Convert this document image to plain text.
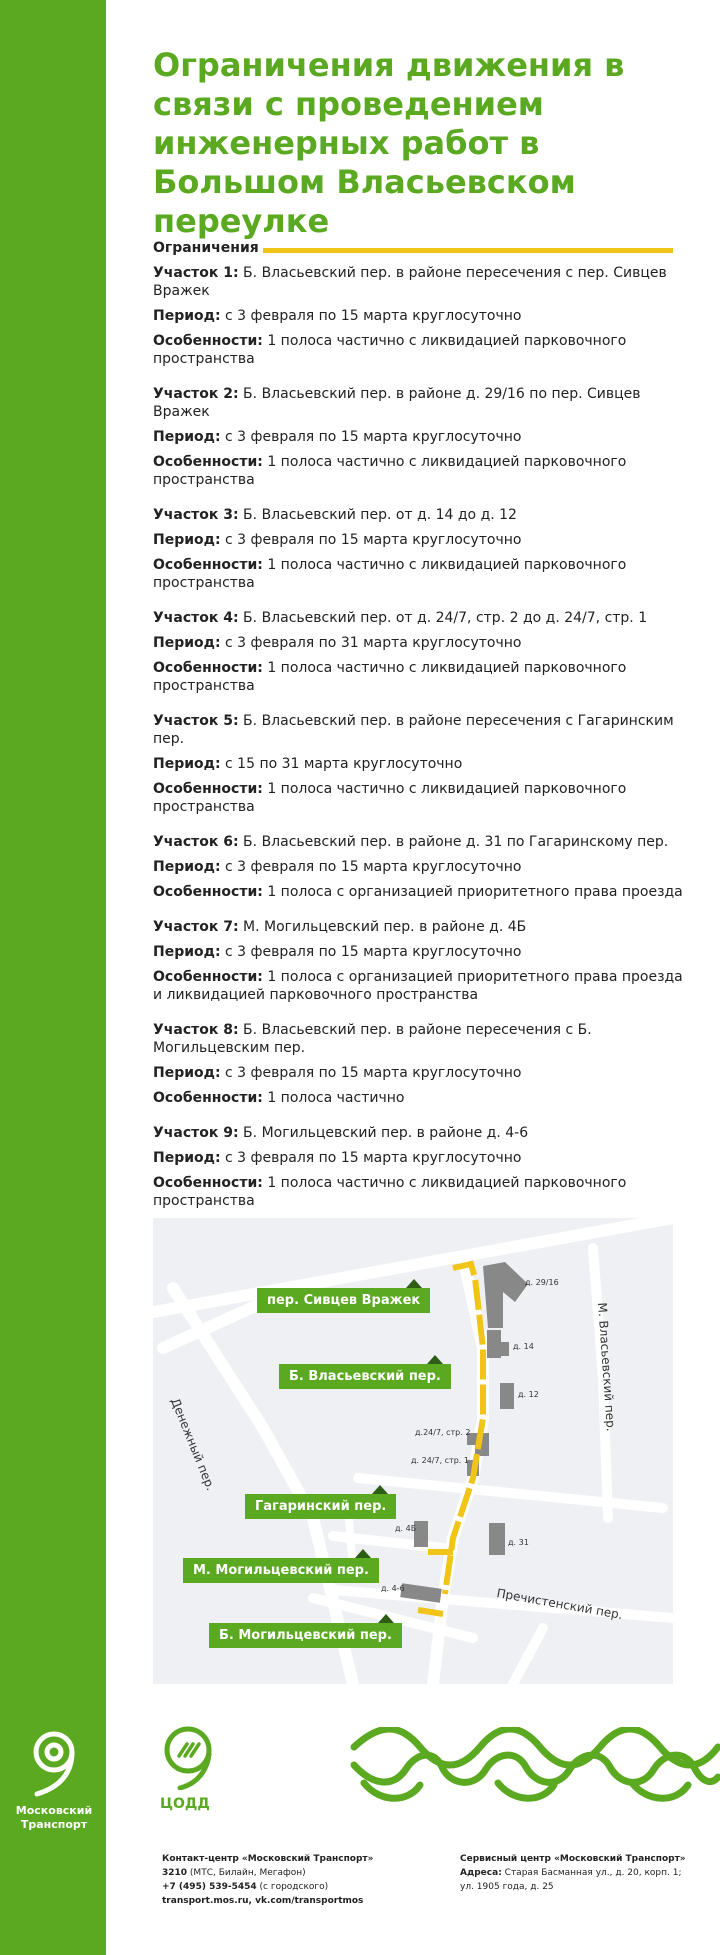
Ограничения движения в связи с проведением инженерных работ в Большом Власьевском переулке
Ограничения

Участок 1: Б. Власьевский пер. в районе пересечения с пер. Сивцев Вражек

Период: с 3 февраля по 15 марта круглосуточно

Особенности: 1 полоса частично с ликвидацией парковочного пространства

Участок 2: Б. Власьевский пер. в районе д. 29/16 по пер. Сивцев Вражек

Период: с 3 февраля по 15 марта круглосуточно

Особенности: 1 полоса частично с ликвидацией парковочного пространства

Участок 3: Б. Власьевский пер. от д. 14 до д. 12

Период: с 3 февраля по 15 марта круглосуточно

Особенности: 1 полоса частично с ликвидацией парковочного пространства

Участок 4: Б. Власьевский пер. от д. 24/7, стр. 2 до д. 24/7, стр. 1

Период: с 3 февраля по 31 марта круглосуточно

Особенности: 1 полоса частично с ликвидацией парковочного пространства

Участок 5: Б. Власьевский пер. в районе пересечения с Гагаринским пер.

Период: с 15 по 31 марта круглосуточно

Особенности: 1 полоса частично с ликвидацией парковочного пространства

Участок 6: Б. Власьевский пер. в районе д. 31 по Гагаринскому пер.

Период: с 3 февраля по 15 марта круглосуточно

Особенности: 1 полоса с организацией приоритетного права проезда

Участок 7: М. Могильцевский пер. в районе д. 4Б

Период: с 3 февраля по 15 марта круглосуточно

Особенности: 1 полоса с организацией приоритетного права проезда и ликвидацией парковочного пространства

Участок 8: Б. Власьевский пер. в районе пересечения с Б. Могильцевским пер.

Период: с 3 февраля по 15 марта круглосуточно

Особенности: 1 полоса частично

Участок 9: Б. Могильцевский пер. в районе д. 4-6

Период: с 3 февраля по 15 марта круглосуточно

Особенности: 1 полоса частично с ликвидацией парковочного пространства

пер. Сивцев Вражек
Б. Власьевский пер.
Гагаринский пер.
М. Могильцевский пер.
Б. Могильцевский пер.
Денежный пер.
М. Власьевский пер.
Пречистенский пер.
д. 29/16
д. 14
д. 12
д.24/7, стр. 2
д. 24/7, стр. 1
д. 4Б
д. 31
д. 4-6
Московский Транспорт
ЦОДД
Контакт-центр «Московский Транспорт»
3210 (МТС, Билайн, Мегафон)
+7 (495) 539-5454 (с городского)
transport.mos.ru, vk.com/transportmos
Сервисный центр «Московский Транспорт»
Адреса: Старая Басманная ул., д. 20, корп. 1;
ул. 1905 года, д. 25
